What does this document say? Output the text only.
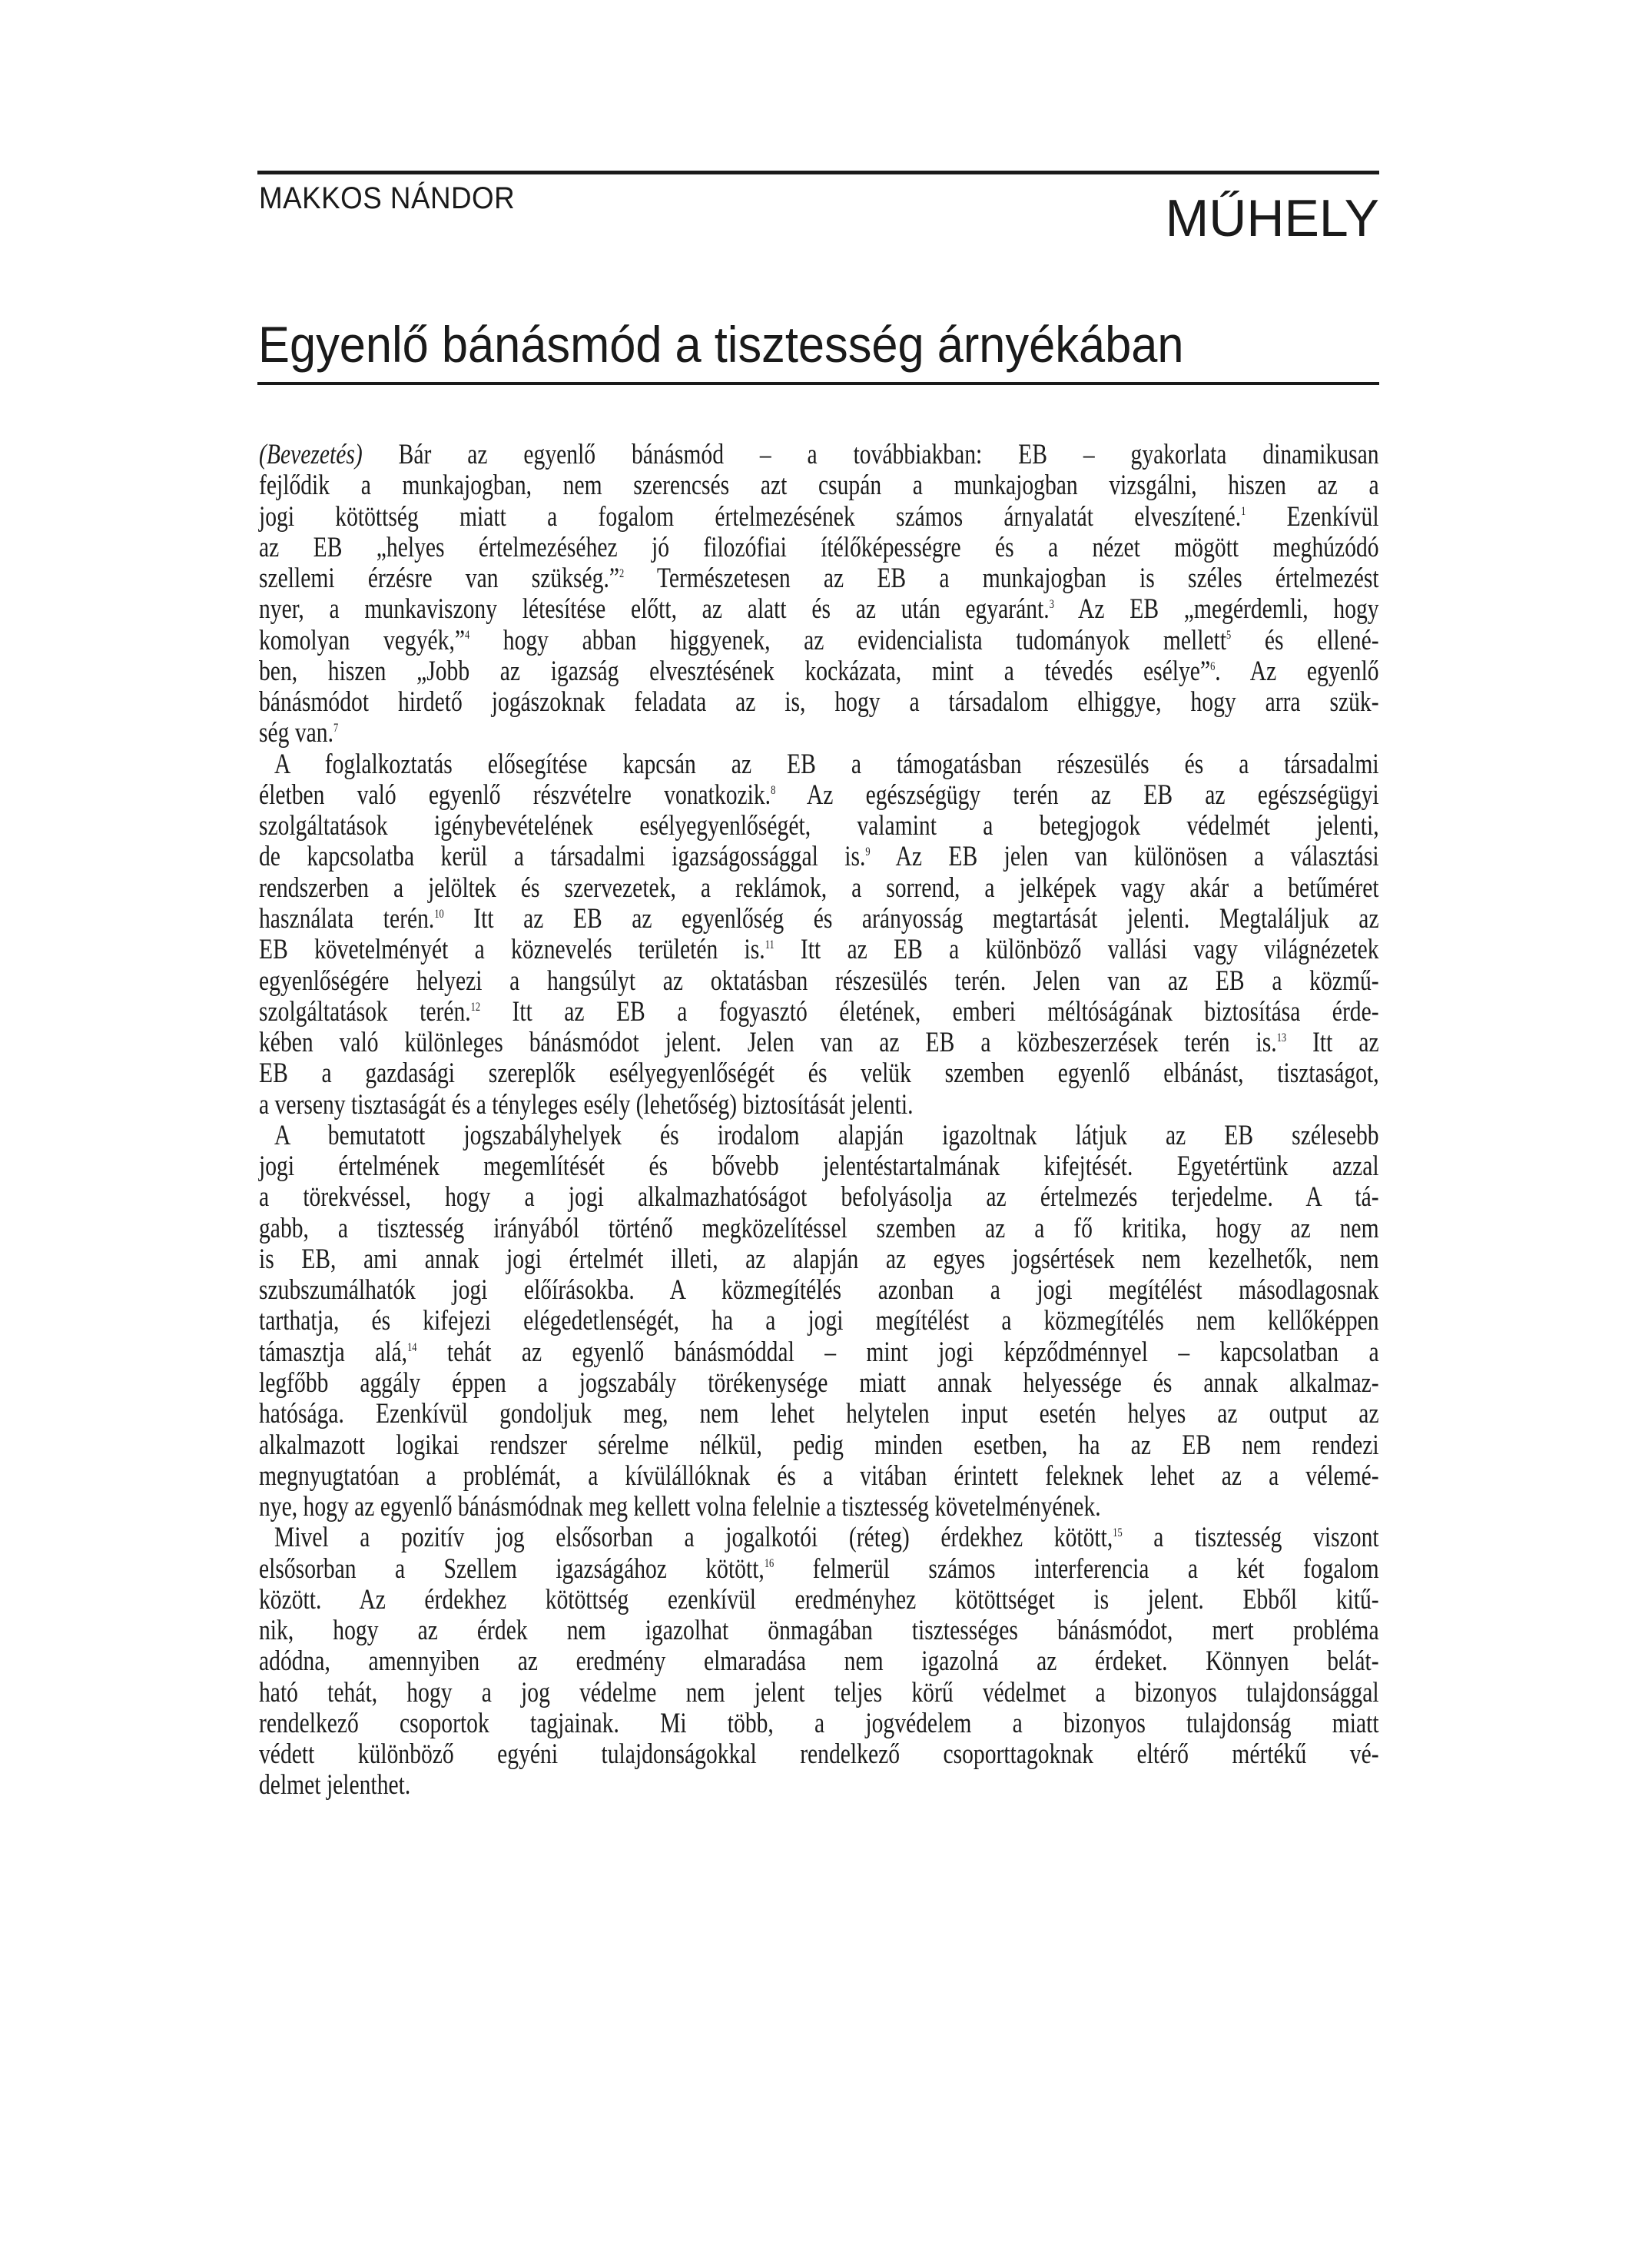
MAKKOS NÁNDOR	MŰHELY
Egyenlő bánásmód a tisztesség árnyékában
(Bevezetés) Bár az egyenlő bánásmód – a továbbiakban: EB – gyakorlata dinamikusan
fejlődik a munkajogban, nem szerencsés azt csupán a munkajogban vizsgálni, hiszen az a
jogi kötöttség miatt a fogalom értelmezésének számos árnyalatát elveszítené.$^1$ Ezenkívül
az EB „helyes értelmezéséhez jó filozófiai ítélőképességre és a nézet mögött meghúzódó
szellemi érzésre van szükség.”$^2$ Természetesen az EB a munkajogban is széles értelmezést
nyer, a munkaviszony létesítése előtt, az alatt és az után egyaránt.$^3$ Az EB „megérdemli, hogy
komolyan vegyék,”$^4$ hogy abban higgyenek, az evidencialista tudományok mellett$^5$ és ellené-
ben, hiszen „Jobb az igazság elvesztésének kockázata, mint a tévedés esélye”$^6$. Az egyenlő
bánásmódot hirdető jogászoknak feladata az is, hogy a társadalom elhiggye, hogy arra szük-
ség van.$^7$
A foglalkoztatás elősegítése kapcsán az EB a támogatásban részesülés és a társadalmi
életben való egyenlő részvételre vonatkozik.$^8$ Az egészségügy terén az EB az egészségügyi
szolgáltatások igénybevételének esélyegyenlőségét, valamint a betegjogok védelmét jelenti,
de kapcsolatba kerül a társadalmi igazságossággal is.$^9$ Az EB jelen van különösen a választási
rendszerben a jelöltek és szervezetek, a reklámok, a sorrend, a jelképek vagy akár a betűméret
használata terén.$^{10}$ Itt az EB az egyenlőség és arányosság megtartását jelenti. Megtaláljuk az
EB követelményét a köznevelés területén is.$^{11}$ Itt az EB a különböző vallási vagy világnézetek
egyenlőségére helyezi a hangsúlyt az oktatásban részesülés terén. Jelen van az EB a közmű-
szolgáltatások terén.$^{12}$ Itt az EB a fogyasztó életének, emberi méltóságának biztosítása érde-
kében való különleges bánásmódot jelent. Jelen van az EB a közbeszerzések terén is.$^{13}$ Itt az
EB a gazdasági szereplők esélyegyenlőségét és velük szemben egyenlő elbánást, tisztaságot,
a verseny tisztaságát és a tényleges esély (lehetőség) biztosítását jelenti.
A bemutatott jogszabályhelyek és irodalom alapján igazoltnak látjuk az EB szélesebb
jogi értelmének megemlítését és bővebb jelentéstartalmának kifejtését. Egyetértünk azzal
a törekvéssel, hogy a jogi alkalmazhatóságot befolyásolja az értelmezés terjedelme. A tá-
gabb, a tisztesség irányából történő megközelítéssel szemben az a fő kritika, hogy az nem
is EB, ami annak jogi értelmét illeti, az alapján az egyes jogsértések nem kezelhetők, nem
szubszumálhatók jogi előírásokba. A közmegítélés azonban a jogi megítélést másodlagosnak
tarthatja, és kifejezi elégedetlenségét, ha a jogi megítélést a közmegítélés nem kellőképpen
támasztja alá,$^{14}$ tehát az egyenlő bánásmóddal – mint jogi képződménnyel – kapcsolatban a
legfőbb aggály éppen a jogszabály törékenysége miatt annak helyessége és annak alkalmaz-
hatósága. Ezenkívül gondoljuk meg, nem lehet helytelen input esetén helyes az output az
alkalmazott logikai rendszer sérelme nélkül, pedig minden esetben, ha az EB nem rendezi
megnyugtatóan a problémát, a kívülállóknak és a vitában érintett feleknek lehet az a vélemé-
nye, hogy az egyenlő bánásmódnak meg kellett volna felelnie a tisztesség követelményének.
Mivel a pozitív jog elsősorban a jogalkotói (réteg) érdekhez kötött,$^{15}$ a tisztesség viszont
elsősorban a Szellem igazságához kötött,$^{16}$ felmerül számos interferencia a két fogalom
között. Az érdekhez kötöttség ezenkívül eredményhez kötöttséget is jelent. Ebből kitű-
nik, hogy az érdek nem igazolhat önmagában tisztességes bánásmódot, mert probléma
adódna, amennyiben az eredmény elmaradása nem igazolná az érdeket. Könnyen belát-
ható tehát, hogy a jog védelme nem jelent teljes körű védelmet a bizonyos tulajdonsággal
rendelkező csoportok tagjainak. Mi több, a jogvédelem a bizonyos tulajdonság miatt
védett különböző egyéni tulajdonságokkal rendelkező csoporttagoknak eltérő mértékű vé-
delmet jelenthet.
